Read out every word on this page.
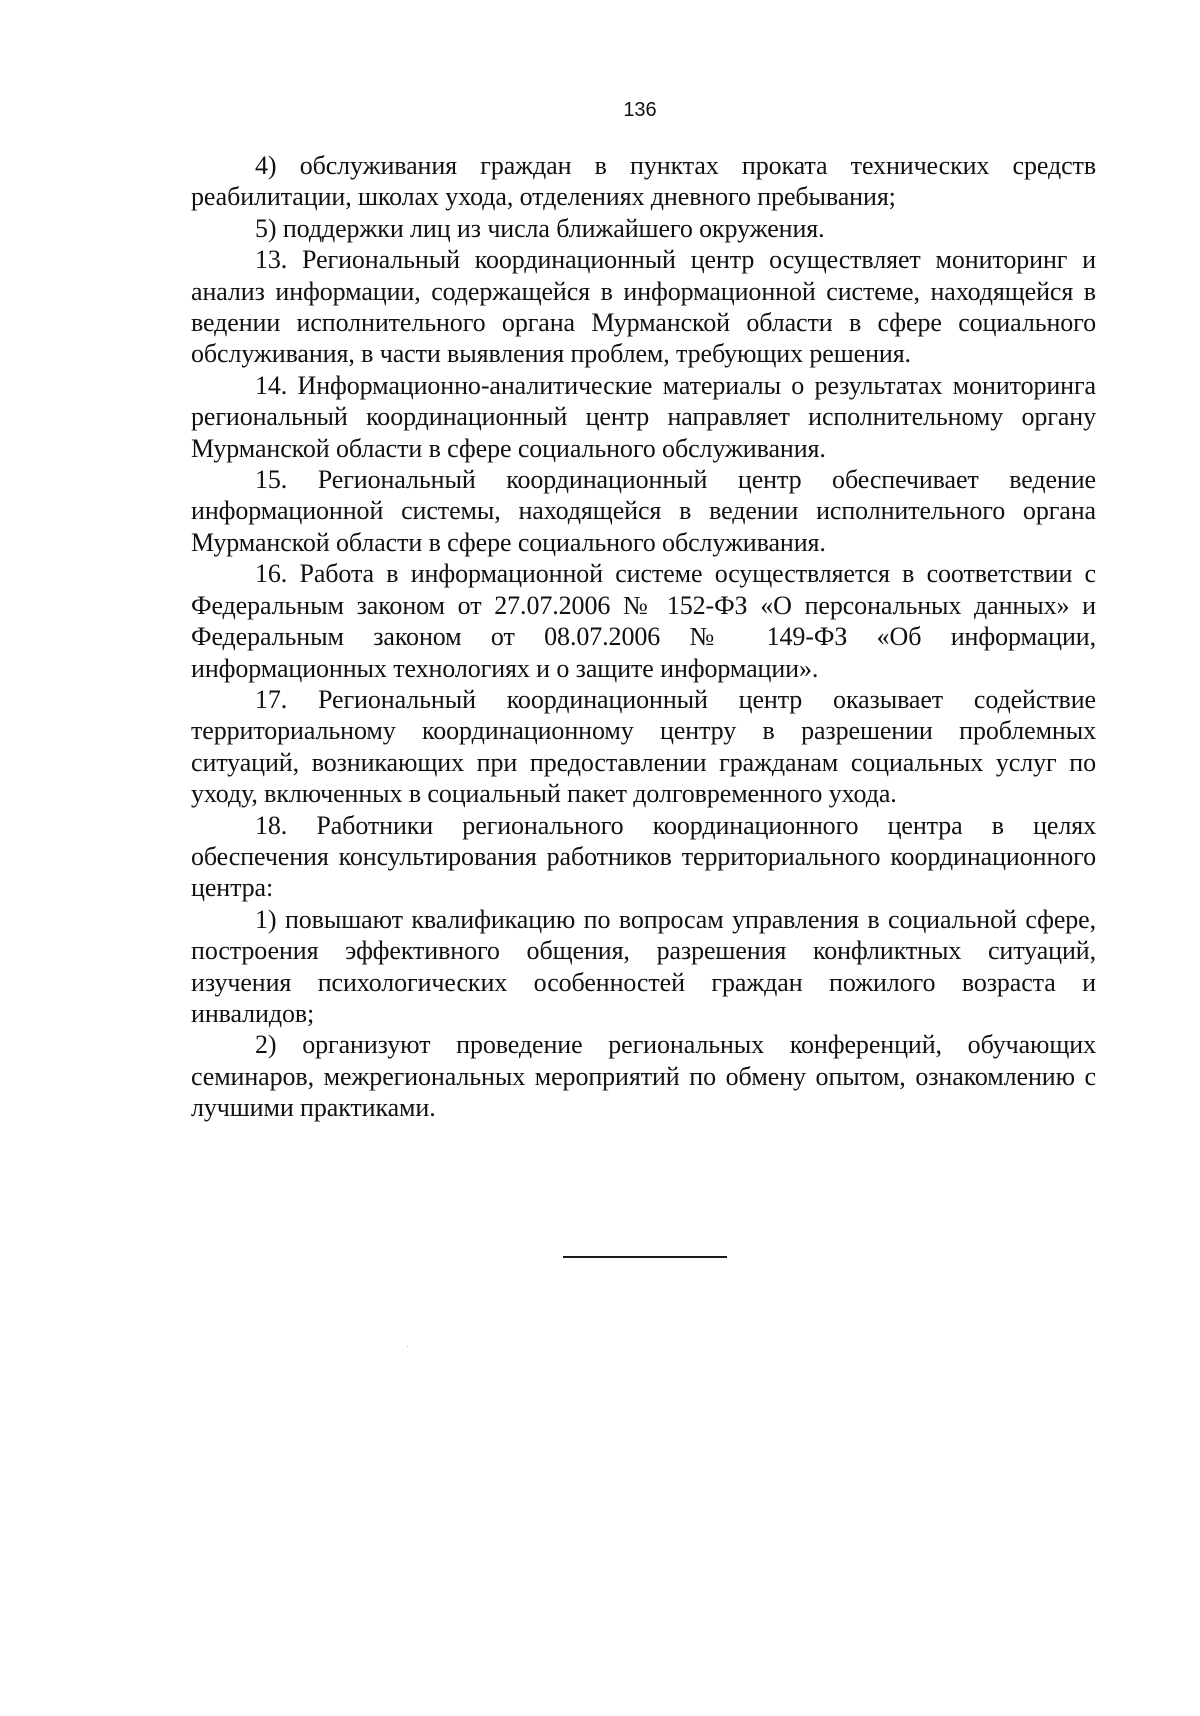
136

4) обслуживания граждан в пунктах проката технических средств реабилитации, школах ухода, отделениях дневного пребывания;

5) поддержки лиц из числа ближайшего окружения.

13. Региональный координационный центр осуществляет мониторинг и анализ информации, содержащейся в информационной системе, находящейся в ведении исполнительного органа Мурманской области в сфере социального обслуживания, в части выявления проблем, требующих решения.

14. Информационно-аналитические материалы о результатах мониторинга региональный координационный центр направляет исполнительному органу Мурманской области в сфере социального обслуживания.

15. Региональный координационный центр обеспечивает ведение информационной системы, находящейся в ведении исполнительного органа Мурманской области в сфере социального обслуживания.

16. Работа в информационной системе осуществляется в соответствии с Федеральным законом от 27.07.2006 № 152-ФЗ «О персональных данных» и Федеральным законом от 08.07.2006 № 149-ФЗ «Об информации, информационных технологиях и о защите информации».

17. Региональный координационный центр оказывает содействие территориальному координационному центру в разрешении проблемных ситуаций, возникающих при предоставлении гражданам социальных услуг по уходу, включенных в социальный пакет долговременного ухода.

18. Работники регионального координационного центра в целях обеспечения консультирования работников территориального координационного центра:

1) повышают квалификацию по вопросам управления в социальной сфере, построения эффективного общения, разрешения конфликтных ситуаций, изучения психологических особенностей граждан пожилого возраста и инвалидов;

2) организуют проведение региональных конференций, обучающих семинаров, межрегиональных мероприятий по обмену опытом, ознакомлению с лучшими практиками.
